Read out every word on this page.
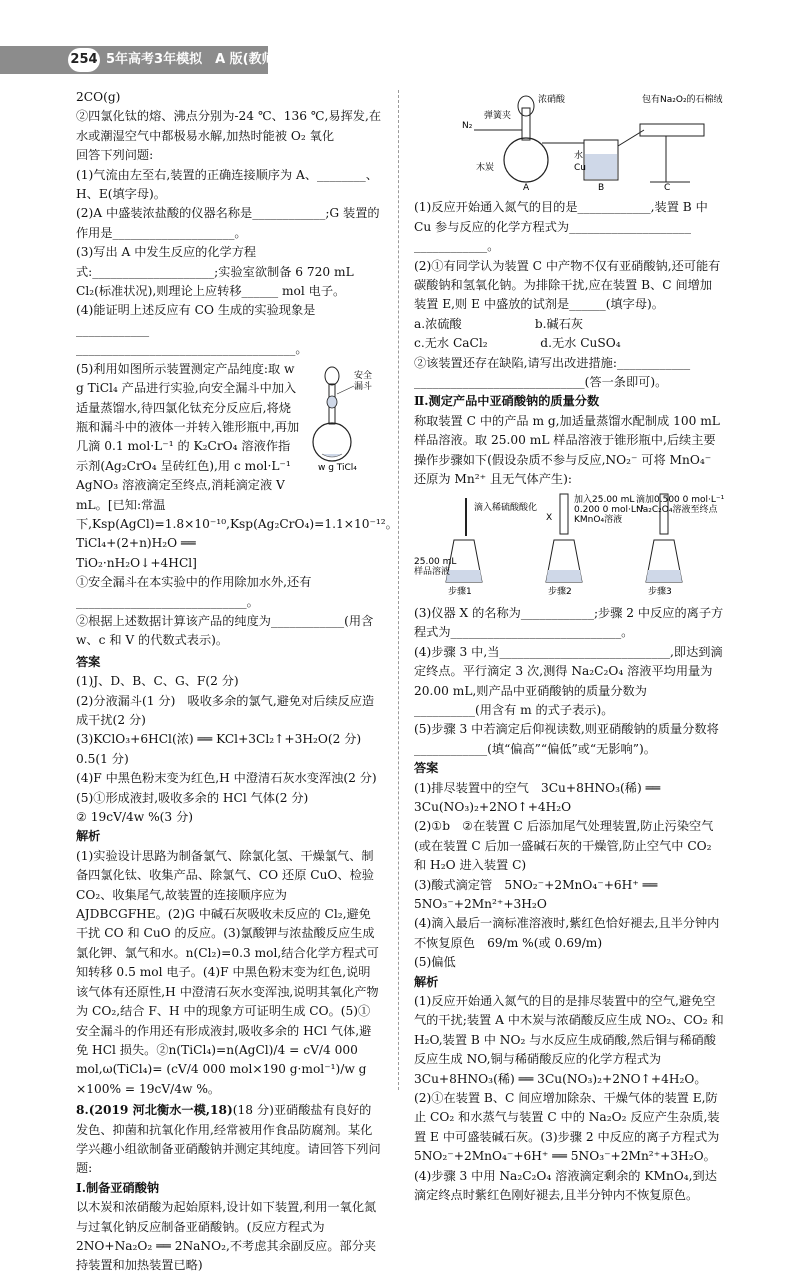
254 5年高考3年模拟　A 版(教师用书)

2CO(g)

②四氯化钛的熔、沸点分别为-24 ℃、136 ℃,易挥发,在水或潮湿空气中都极易水解,加热时能被 O₂ 氧化

回答下列问题:

(1)气流由左至右,装置的正确连接顺序为 A、________、H、E(填字母)。

(2)A 中盛装浓盐酸的仪器名称是____________;G 装置的作用是____________________。

(3)写出 A 中发生反应的化学方程式:____________________;实验室欲制备 6 720 mL Cl₂(标准状况),则理论上应转移______ mol 电子。

(4)能证明上述反应有 CO 生成的实验现象是____________

____________________________________。

(5)利用如图所示装置测定产品纯度:取 w g TiCl₄ 产品进行实验,向安全漏斗中加入适量蒸馏水,待四氯化钛充分反应后,将烧瓶和漏斗中的液体一并转入锥形瓶中,再加几滴 0.1 mol·L⁻¹ 的 K₂CrO₄ 溶液作指示剂(Ag₂CrO₄ 呈砖红色),用 c mol·L⁻¹ AgNO₃ 溶液滴定至终点,消耗滴定液 V mL。[已知:常温下,Ksp(AgCl)=1.8×10⁻¹⁰,Ksp(Ag₂CrO₄)=1.1×10⁻¹²。TiCl₄+(2+n)H₂O ══ TiO₂·nH₂O↓+4HCl]

安全
漏斗
w g TiCl₄

①安全漏斗在本实验中的作用除加水外,还有____________________________。

②根据上述数据计算该产品的纯度为____________(用含 w、c 和 V 的代数式表示)。

答案

(1)J、D、B、C、G、F(2 分)

(2)分液漏斗(1 分)　吸收多余的氯气,避免对后续反应造成干扰(2 分)

(3)KClO₃+6HCl(浓) ══ KCl+3Cl₂↑+3H₂O(2 分)

0.5(1 分)

(4)F 中黑色粉末变为红色,H 中澄清石灰水变浑浊(2 分)

(5)①形成液封,吸收多余的 HCl 气体(2 分)

② 19cV/4w %(3 分)

解析

(1)实验设计思路为制备氯气、除氯化氢、干燥氯气、制备四氯化钛、收集产品、除氯气、CO 还原 CuO、检验 CO₂、收集尾气,故装置的连接顺序应为 AJDBCGFHE。(2)G 中碱石灰吸收未反应的 Cl₂,避免干扰 CO 和 CuO 的反应。(3)氯酸钾与浓盐酸反应生成氯化钾、氯气和水。n(Cl₂)=0.3 mol,结合化学方程式可知转移 0.5 mol 电子。(4)F 中黑色粉末变为红色,说明该气体有还原性,H 中澄清石灰水变浑浊,说明其氧化产物为 CO₂,结合 F、H 中的现象方可证明生成 CO。(5)①安全漏斗的作用还有形成液封,吸收多余的 HCl 气体,避免 HCl 损失。②n(TiCl₄)=n(AgCl)/4 = cV/4 000 mol,ω(TiCl₄)= (cV/4 000 mol×190 g·mol⁻¹)/w g ×100% = 19cV/4w %。

8.(2019 河北衡水一模,18)(18 分)亚硝酸盐有良好的发色、抑菌和抗氧化作用,经常被用作食品防腐剂。某化学兴趣小组欲制备亚硝酸钠并测定其纯度。请回答下列问题:

Ⅰ.制备亚硝酸钠

以木炭和浓硝酸为起始原料,设计如下装置,利用一氧化氮与过氧化钠反应制备亚硝酸钠。(反应方程式为 2NO+Na₂O₂ ══ 2NaNO₂,不考虑其余副反应。部分夹持装置和加热装置已略)

N₂
弹簧夹
浓硝酸
木炭
水
Cu
包有Na₂O₂的石棉绒
A	B	C

(1)反应开始通入氮气的目的是____________,装置 B 中 Cu 参与反应的化学方程式为____________________

____________。

(2)①有同学认为装置 C 中产物不仅有亚硝酸钠,还可能有碳酸钠和氢氧化钠。为排除干扰,应在装置 B、C 间增加装置 E,则 E 中盛放的试剂是______(填字母)。

a.浓硫酸　　　　　　b.碱石灰

c.无水 CaCl₂　　　　 d.无水 CuSO₄

②该装置还存在缺陷,请写出改进措施:____________

____________________________(答一条即可)。

Ⅱ.测定产品中亚硝酸钠的质量分数

称取装置 C 中的产品 m g,加适量蒸馏水配制成 100 mL 样品溶液。取 25.00 mL 样品溶液于锥形瓶中,后续主要操作步骤如下(假设杂质不参与反应,NO₂⁻ 可将 MnO₄⁻ 还原为 Mn²⁺ 且无气体产生):

滴入稀硫酸酸化
25.00 mL
样品溶液
步骤1
X
加入25.00 mL
0.200 0 mol·L⁻¹
KMnO₄溶液
步骤2
滴加0.500 0 mol·L⁻¹
Na₂C₂O₄溶液至终点
步骤3

(3)仪器 X 的名称为____________;步骤 2 中反应的离子方程式为____________________________。

(4)步骤 3 中,当____________________________,即达到滴定终点。平行滴定 3 次,测得 Na₂C₂O₄ 溶液平均用量为 20.00 mL,则产品中亚硝酸钠的质量分数为__________(用含有 m 的式子表示)。

(5)步骤 3 中若滴定后仰视读数,则亚硝酸钠的质量分数将____________(填“偏高”“偏低”或“无影响”)。

答案

(1)排尽装置中的空气　3Cu+8HNO₃(稀) ══ 3Cu(NO₃)₂+2NO↑+4H₂O

(2)①b　②在装置 C 后添加尾气处理装置,防止污染空气(或在装置 C 后加一盛碱石灰的干燥管,防止空气中 CO₂ 和 H₂O 进入装置 C)

(3)酸式滴定管　5NO₂⁻+2MnO₄⁻+6H⁺ ══ 5NO₃⁻+2Mn²⁺+3H₂O

(4)滴入最后一滴标准溶液时,紫红色恰好褪去,且半分钟内不恢复原色　69/m %(或 0.69/m)

(5)偏低

解析

(1)反应开始通入氮气的目的是排尽装置中的空气,避免空气的干扰;装置 A 中木炭与浓硝酸反应生成 NO₂、CO₂ 和 H₂O,装置 B 中 NO₂ 与水反应生成硝酸,然后铜与稀硝酸反应生成 NO,铜与稀硝酸反应的化学方程式为 3Cu+8HNO₃(稀) ══ 3Cu(NO₃)₂+2NO↑+4H₂O。(2)①在装置 B、C 间应增加除杂、干燥气体的装置 E,防止 CO₂ 和水蒸气与装置 C 中的 Na₂O₂ 反应产生杂质,装置 E 中可盛装碱石灰。(3)步骤 2 中反应的离子方程式为 5NO₂⁻+2MnO₄⁻+6H⁺ ══ 5NO₃⁻+2Mn²⁺+3H₂O。(4)步骤 3 中用 Na₂C₂O₄ 溶液滴定剩余的 KMnO₄,到达滴定终点时紫红色刚好褪去,且半分钟内不恢复原色。
